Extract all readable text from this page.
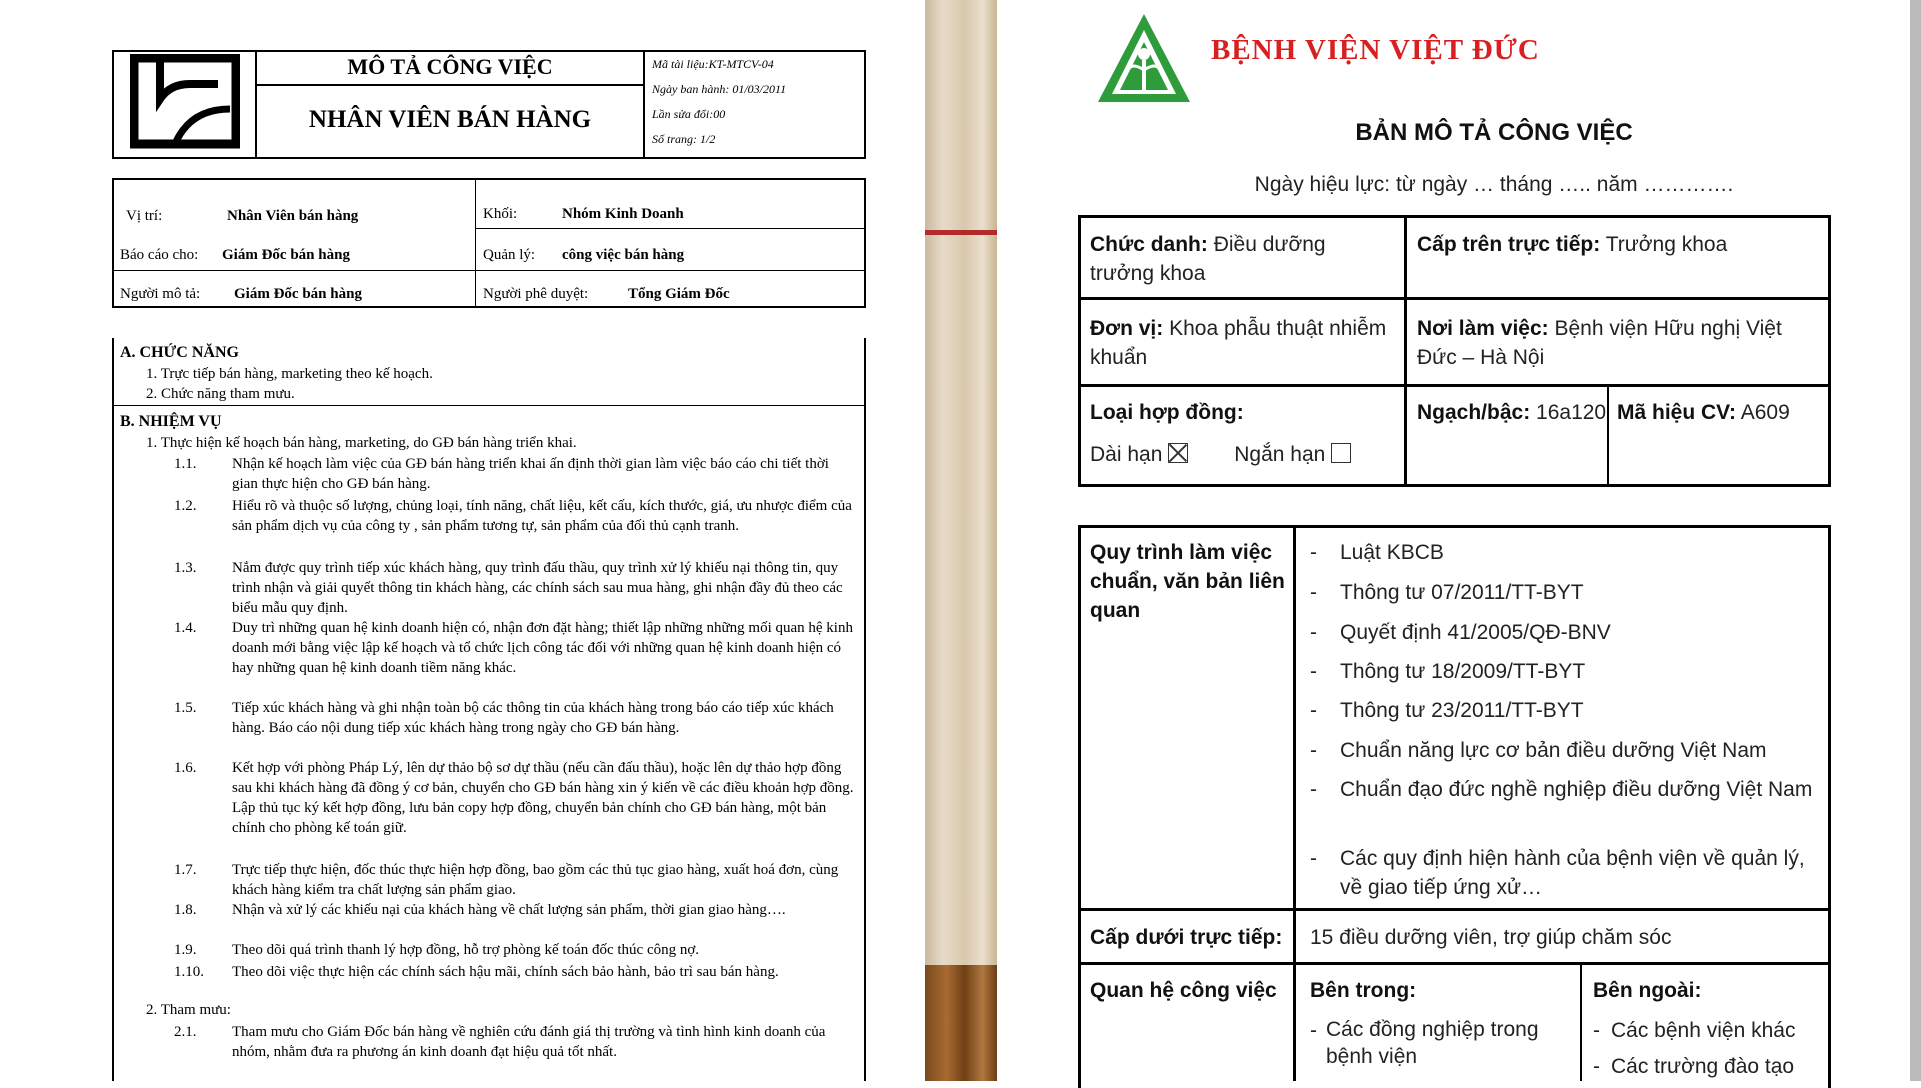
MÔ TẢ CÔNG VIỆC
NHÂN VIÊN BÁN HÀNG
Mã tài liệu:KT-MTCV-04
Ngày ban hành: 01/03/2011
Lần sửa đổi:00
Số trang: 1/2
Vị trí:	Nhân Viên bán hàng	Khối:	Nhóm Kinh Doanh
Báo cáo cho: Giám Đốc bán hàng	Quản lý: công việc bán hàng
Người mô tả: Giám Đốc bán hàng	Người phê duyệt:	Tổng Giám Đốc
A. CHỨC NĂNG
1. Trực tiếp bán hàng, marketing theo kế hoạch.
2. Chức năng tham mưu.
B. NHIỆM VỤ
1. Thực hiện kế hoạch bán hàng, marketing, do GĐ bán hàng triển khai.
1.1. Nhận kế hoạch làm việc của GĐ bán hàng triển khai ấn định thời gian làm việc báo cáo chi tiết thời gian thực hiện cho GĐ bán hàng.
1.2. Hiểu rõ và thuộc số lượng, chủng loại, tính năng, chất liệu, kết cấu, kích thước, giá, ưu nhược điểm của sản phẩm dịch vụ của công ty , sản phẩm tương tự, sản phẩm của đối thủ cạnh tranh.
1.3. Nắm được quy trình tiếp xúc khách hàng, quy trình đấu thầu, quy trình xử lý khiếu nại thông tin, quy trình nhận và giải quyết thông tin khách hàng, các chính sách sau mua hàng, ghi nhận đầy đủ theo các biểu mẫu quy định.
1.4. Duy trì những quan hệ kinh doanh hiện có, nhận đơn đặt hàng; thiết lập những những mối quan hệ kinh doanh mới bằng việc lập kế hoạch và tổ chức lịch công tác đối với những quan hệ kinh doanh hiện có hay những quan hệ kinh doanh tiềm năng khác.
1.5. Tiếp xúc khách hàng và ghi nhận toàn bộ các thông tin của khách hàng trong báo cáo tiếp xúc khách hàng. Báo cáo nội dung tiếp xúc khách hàng trong ngày cho GĐ bán hàng.
1.6. Kết hợp với phòng Pháp Lý, lên dự thảo bộ sơ dự thầu (nếu cần đấu thầu), hoặc lên dự thảo hợp đồng sau khi khách hàng đã đồng ý cơ bản, chuyển cho GĐ bán hàng xin ý kiến về các điều khoản hợp đồng. Lập thủ tục ký kết hợp đồng, lưu bản copy hợp đồng, chuyển bản chính cho GĐ bán hàng, một bản chính cho phòng kế toán giữ.
1.7. Trực tiếp thực hiện, đốc thúc thực hiện hợp đồng, bao gồm các thủ tục giao hàng, xuất hoá đơn, cùng khách hàng kiểm tra chất lượng sản phẩm giao.
1.8. Nhận và xử lý các khiếu nại của khách hàng về chất lượng sản phẩm, thời gian giao hàng….
1.9. Theo dõi quá trình thanh lý hợp đồng, hỗ trợ phòng kế toán đốc thúc công nợ.
1.10. Theo dõi việc thực hiện các chính sách hậu mãi, chính sách bảo hành, bảo trì sau bán hàng.
2. Tham mưu:
2.1. Tham mưu cho Giám Đốc bán hàng về nghiên cứu đánh giá thị trường và tình hình kinh doanh của nhóm, nhằm đưa ra phương án kinh doanh đạt hiệu quả tốt nhất.
BỆNH VIỆN VIỆT ĐỨC
BẢN MÔ TẢ CÔNG VIỆC
Ngày hiệu lực: từ ngày … tháng ….. năm ………….
Chức danh: Điều dưỡng trưởng khoa
Cấp trên trực tiếp: Trưởng khoa
Đơn vị: Khoa phẫu thuật nhiễm khuẩn
Nơi làm việc: Bệnh viện Hữu nghị Việt Đức – Hà Nội
Loại hợp đồng:
Dài hạn	Ngắn hạn
Ngạch/bậc: 16a120 Mã hiệu CV: A609
Quy trình làm việc chuẩn, văn bản liên quan
- Luật KBCB
- Thông tư 07/2011/TT-BYT
- Quyết định 41/2005/QĐ-BNV
- Thông tư 18/2009/TT-BYT
- Thông tư 23/2011/TT-BYT
- Chuẩn năng lực cơ bản điều dưỡng Việt Nam
- Chuẩn đạo đức nghề nghiệp điều dưỡng Việt Nam
- Các quy định hiện hành của bệnh viện về quản lý, về giao tiếp ứng xử…
Cấp dưới trực tiếp: 15 điều dưỡng viên, trợ giúp chăm sóc
Quan hệ công việc Bên trong:
- Các đồng nghiệp trong bệnh viện
Bên ngoài:
- Các bệnh viện khác
- Các trường đào tạo
